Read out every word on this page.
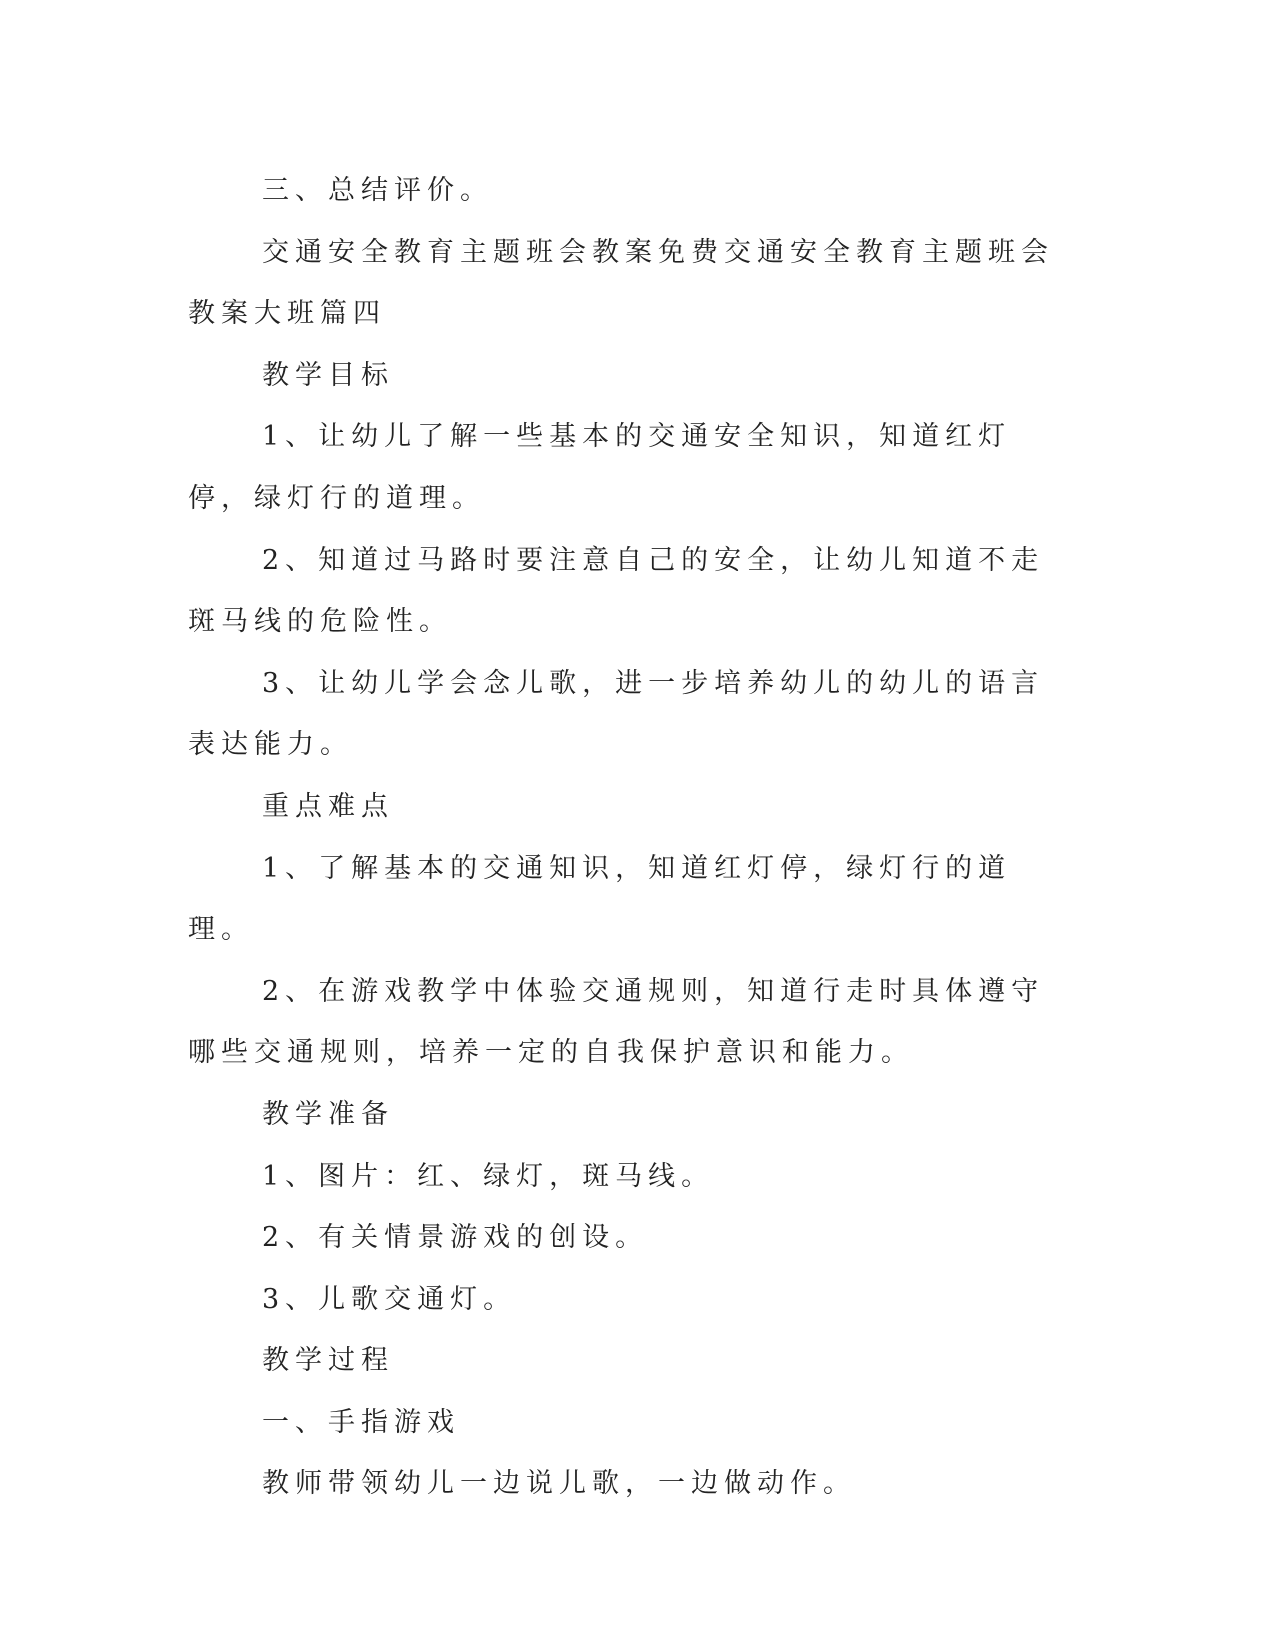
三、总结评价。

交通安全教育主题班会教案免费交通安全教育主题班会教案大班篇四

教学目标

1、让幼儿了解一些基本的交通安全知识，知道红灯停，绿灯行的道理。

2、知道过马路时要注意自己的安全，让幼儿知道不走斑马线的危险性。

3、让幼儿学会念儿歌，进一步培养幼儿的幼儿的语言表达能力。

重点难点

1、了解基本的交通知识，知道红灯停，绿灯行的道理。

2、在游戏教学中体验交通规则，知道行走时具体遵守哪些交通规则，培养一定的自我保护意识和能力。

教学准备

1、图片：红、绿灯，斑马线。

2、有关情景游戏的创设。

3、儿歌交通灯。

教学过程

一、手指游戏

教师带领幼儿一边说儿歌，一边做动作。
